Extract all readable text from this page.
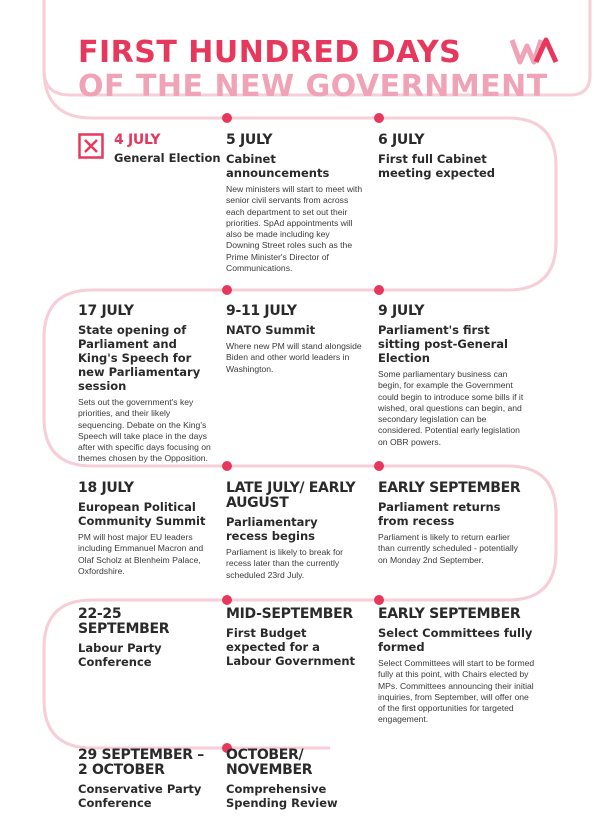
FIRST HUNDRED DAYS
OF THE NEW GOVERNMENT
4 JULY
General Election
5 JULY
Cabinet announcements
New ministers will start to meet with senior civil servants from across each department to set out their priorities. SpAd appointments will also be made including key Downing Street roles such as the Prime Minister's Director of Communications.
6 JULY
First full Cabinet meeting expected
17 JULY
State opening of Parliament and King's Speech for new Parliamentary session
Sets out the government's key priorities, and their likely sequencing. Debate on the King's Speech will take place in the days after with specific days focusing on themes chosen by the Opposition.
9-11 JULY
NATO Summit
Where new PM will stand alongside Biden and other world leaders in Washington.
9 JULY
Parliament's first sitting post-General Election
Some parliamentary business can begin, for example the Government could begin to introduce some bills if it wished, oral questions can begin, and secondary legislation can be considered. Potential early legislation on OBR powers.
18 JULY
European Political Community Summit
PM will host major EU leaders including Emmanuel Macron and Olaf Scholz at Blenheim Palace, Oxfordshire.
LATE JULY/ EARLY AUGUST
Parliamentary recess begins
Parliament is likely to break for recess later than the currently scheduled 23rd July.
EARLY SEPTEMBER
Parliament returns from recess
Parliament is likely to return earlier than currently scheduled - potentially on Monday 2nd September.
22-25 SEPTEMBER
Labour Party Conference
MID-SEPTEMBER
First Budget expected for a Labour Government
EARLY SEPTEMBER
Select Committees fully formed
Select Committees will start to be formed fully at this point, with Chairs elected by MPs. Committees announcing their initial inquiries, from September, will offer one of the first opportunities for targeted engagement.
29 SEPTEMBER – 2 OCTOBER
Conservative Party Conference
OCTOBER/ NOVEMBER
Comprehensive Spending Review
